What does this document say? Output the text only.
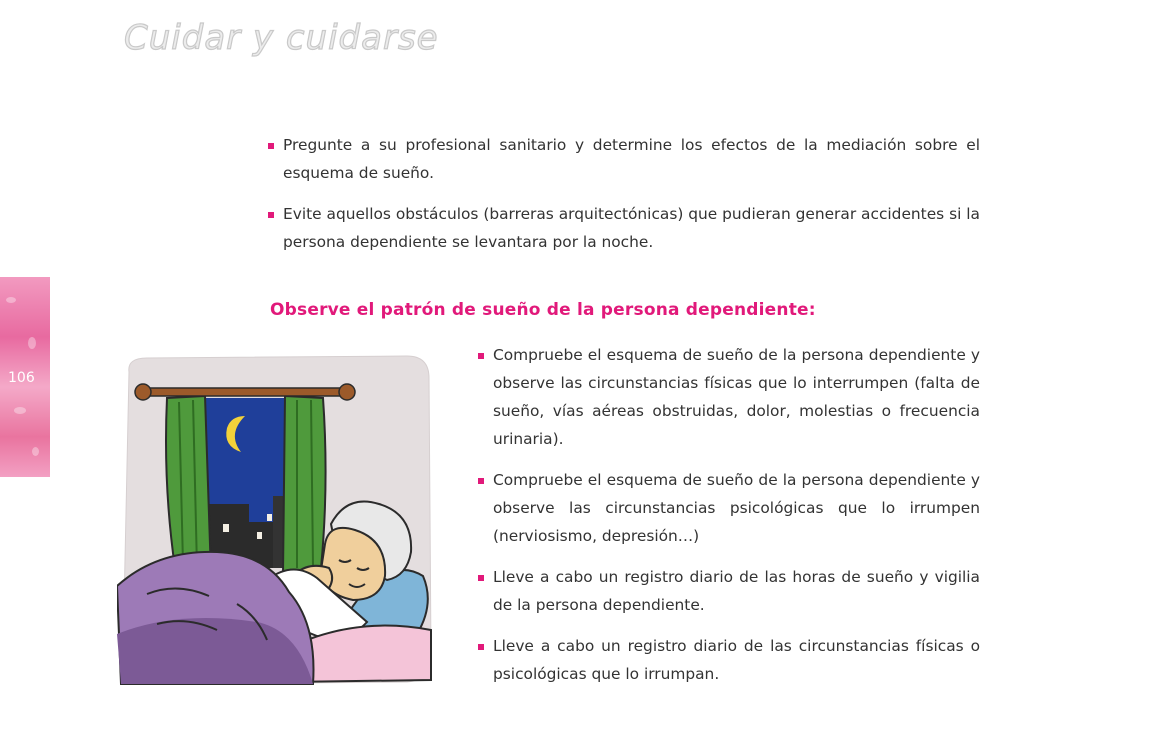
Cuidar y cuidarse
106
Pregunte a su profesional sanitario y determine los efectos de la mediación sobre el esquema de sueño.
Evite aquellos obstáculos (barreras arquitectónicas) que pudieran generar accidentes si la persona dependiente se levantara por la noche.
Observe el patrón de sueño de la persona dependiente:
Compruebe el esquema de sueño de la persona dependiente y observe las circunstancias físicas que lo interrumpen (falta de sueño, vías aéreas obstruidas, dolor, molestias o frecuencia urinaria).
Compruebe el esquema de sueño de la persona dependiente y observe las circunstancias psicológicas que lo irrumpen (nerviosismo, depresión…)
Lleve a cabo un registro diario de las horas de sueño y vigilia de la persona dependiente.
Lleve a cabo un registro diario de las circunstancias físicas o psicológicas que lo irrumpan.
